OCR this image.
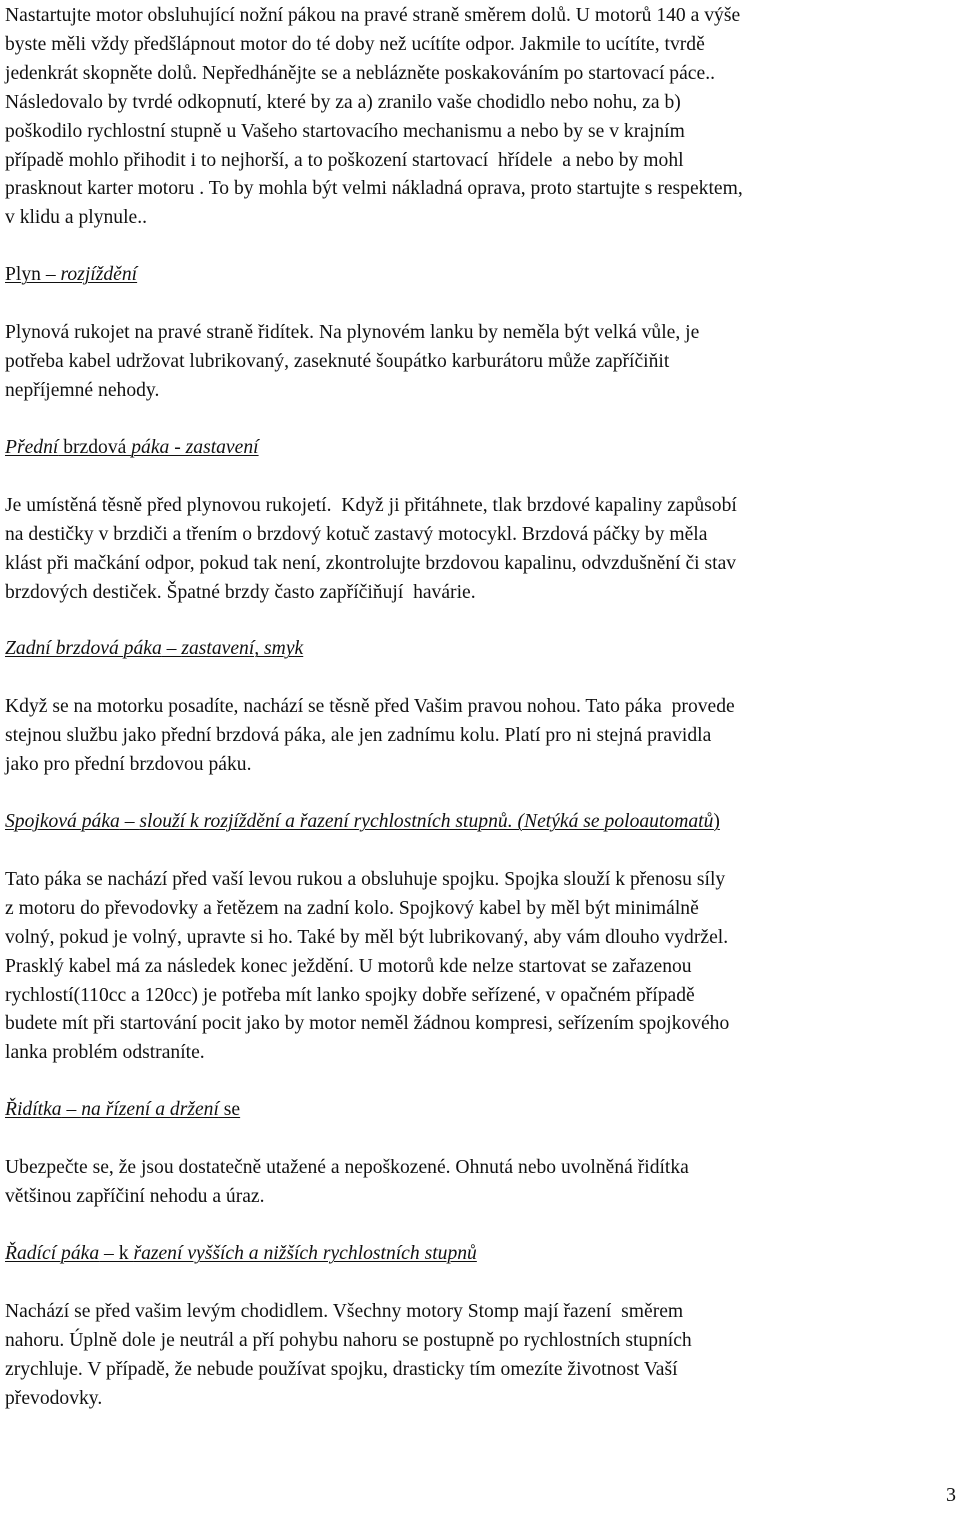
Nastartujte motor obsluhující nožní pákou na pravé straně směrem dolů. U motorů 140 a výše

byste měli vždy předšlápnout motor do té doby než ucítíte odpor. Jakmile to ucítíte, tvrdě

jedenkrát skopněte dolů. Nepředhánějte se a neblázněte poskakováním po startovací páce..

Následovalo by tvrdé odkopnutí, které by za a) zranilo vaše chodidlo nebo nohu, za b)

poškodilo rychlostní stupně u Vašeho startovacího mechanismu a nebo by se v krajním

případě mohlo přihodit i to nejhorší, a to poškození startovací  hřídele  a nebo by mohl

prasknout karter motoru . To by mohla být velmi nákladná oprava, proto startujte s respektem,

v klidu a plynule..

Plyn – rozjíždění

Plynová rukojet na pravé straně řidítek. Na plynovém lanku by neměla být velká vůle, je

potřeba kabel udržovat lubrikovaný, zaseknuté šoupátko karburátoru může zapříčiňit

nepříjemné nehody.

Přední brzdová páka - zastavení

Je umístěná těsně před plynovou rukojetí.  Když ji přitáhnete, tlak brzdové kapaliny zapůsobí

na destičky v brzdiči a třením o brzdový kotuč zastavý motocykl. Brzdová páčky by měla

klást při mačkání odpor, pokud tak není, zkontrolujte brzdovou kapalinu, odvzdušnění či stav

brzdových destiček. Špatné brzdy často zapříčiňují  havárie.

Zadní brzdová páka – zastavení, smyk

Když se na motorku posadíte, nachází se těsně před Vašim pravou nohou. Tato páka  provede

stejnou službu jako přední brzdová páka, ale jen zadnímu kolu. Platí pro ni stejná pravidla

jako pro přední brzdovou páku.

Spojková páka – slouží k rozjíždění a řazení rychlostních stupnů. (Netýká se poloautomatů)

Tato páka se nachází před vaší levou rukou a obsluhuje spojku. Spojka slouží k přenosu síly

z motoru do převodovky a řetězem na zadní kolo. Spojkový kabel by měl být minimálně

volný, pokud je volný, upravte si ho. Také by měl být lubrikovaný, aby vám dlouho vydržel.

Prasklý kabel má za následek konec ježdění. U motorů kde nelze startovat se zařazenou

rychlostí(110cc a 120cc) je potřeba mít lanko spojky dobře seřízené, v opačném případě

budete mít při startování pocit jako by motor neměl žádnou kompresi, seřízením spojkového

lanka problém odstraníte.

Řidítka – na řízení a držení se

Ubezpečte se, že jsou dostatečně utažené a nepoškozené. Ohnutá nebo uvolněná řidítka

většinou zapříčiní nehodu a úraz.

Řadící páka – k řazení vyšších a nižších rychlostních stupnů

Nachází se před vašim levým chodidlem. Všechny motory Stomp mají řazení  směrem

nahoru. Úplně dole je neutrál a pří pohybu nahoru se postupně po rychlostních stupních

zrychluje. V případě, že nebude používat spojku, drasticky tím omezíte životnost Vaší

převodovky.

3
